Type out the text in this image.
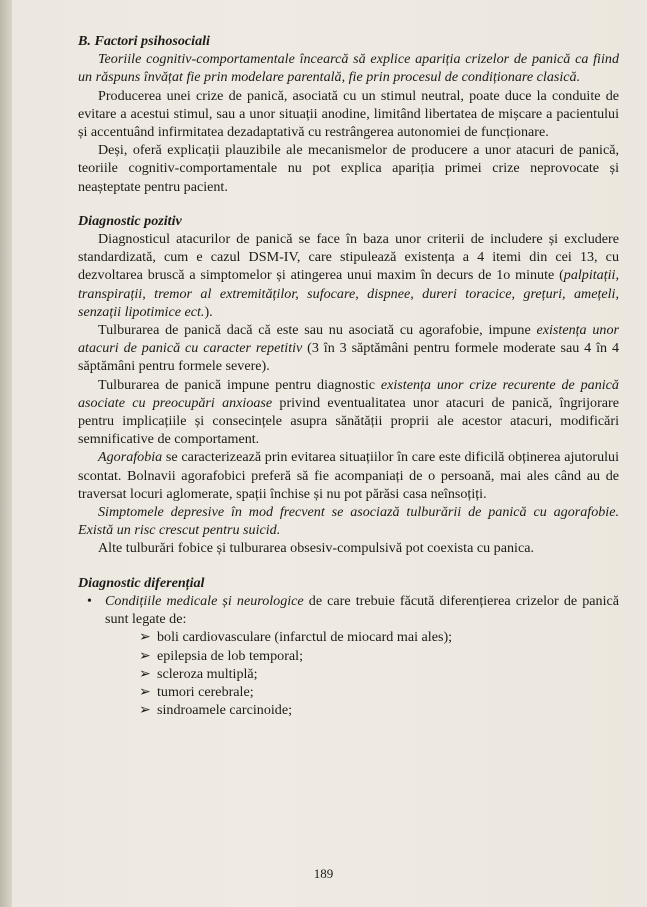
B. Factori psihosociali

Teoriile cognitiv-comportamentale încearcă să explice apariția crizelor de panică ca fiind un răspuns învățat fie prin modelare parentală, fie prin procesul de condiționare clasică.

Producerea unei crize de panică, asociată cu un stimul neutral, poate duce la conduite de evitare a acestui stimul, sau a unor situații anodine, limitând libertatea de mișcare a pacientului și accentuând infirmitatea dezadaptativă cu restrângerea autonomiei de funcționare.

Deși, oferă explicații plauzibile ale mecanismelor de producere a unor atacuri de panică, teoriile cognitiv-comportamentale nu pot explica apariția primei crize neprovocate și neașteptate pentru pacient.

Diagnostic pozitiv

Diagnosticul atacurilor de panică se face în baza unor criterii de includere și excludere standardizată, cum e cazul DSM-IV, care stipulează existența a 4 itemi din cei 13, cu dezvoltarea bruscă a simptomelor și atingerea unui maxim în decurs de 1o minute (palpitații, transpirații, tremor al extremităților, sufocare, dispnee, dureri toracice, grețuri, amețeli, senzații lipotimice ect.).

Tulburarea de panică dacă că este sau nu asociată cu agorafobie, impune existența unor atacuri de panică cu caracter repetitiv (3 în 3 săptămâni pentru formele moderate sau 4 în 4 săptămâni pentru formele severe).

Tulburarea de panică impune pentru diagnostic existența unor crize recurente de panică asociate cu preocupări anxioase privind eventualitatea unor atacuri de panică, îngrijorare pentru implicațiile și consecințele asupra sănătății proprii ale acestor atacuri, modificări semnificative de comportament.

Agorafobia se caracterizează prin evitarea situațiilor în care este dificilă obținerea ajutorului scontat. Bolnavii agorafobici preferă să fie acompaniați de o persoană, mai ales când au de traversat locuri aglomerate, spații închise și nu pot părăsi casa neînsoțiți.

Simptomele depresive în mod frecvent se asociază tulburării de panică cu agorafobie. Există un risc crescut pentru suicid.

Alte tulburări fobice și tulburarea obsesiv-compulsivă pot coexista cu panica.

Diagnostic diferențial
• Condițiile medicale și neurologice de care trebuie făcută diferențierea crizelor de panică sunt legate de:
➢ boli cardiovasculare (infarctul de miocard mai ales);
➢ epilepsia de lob temporal;
➢ scleroza multiplă;
➢ tumori cerebrale;
➢ sindroamele carcinoide;
189
